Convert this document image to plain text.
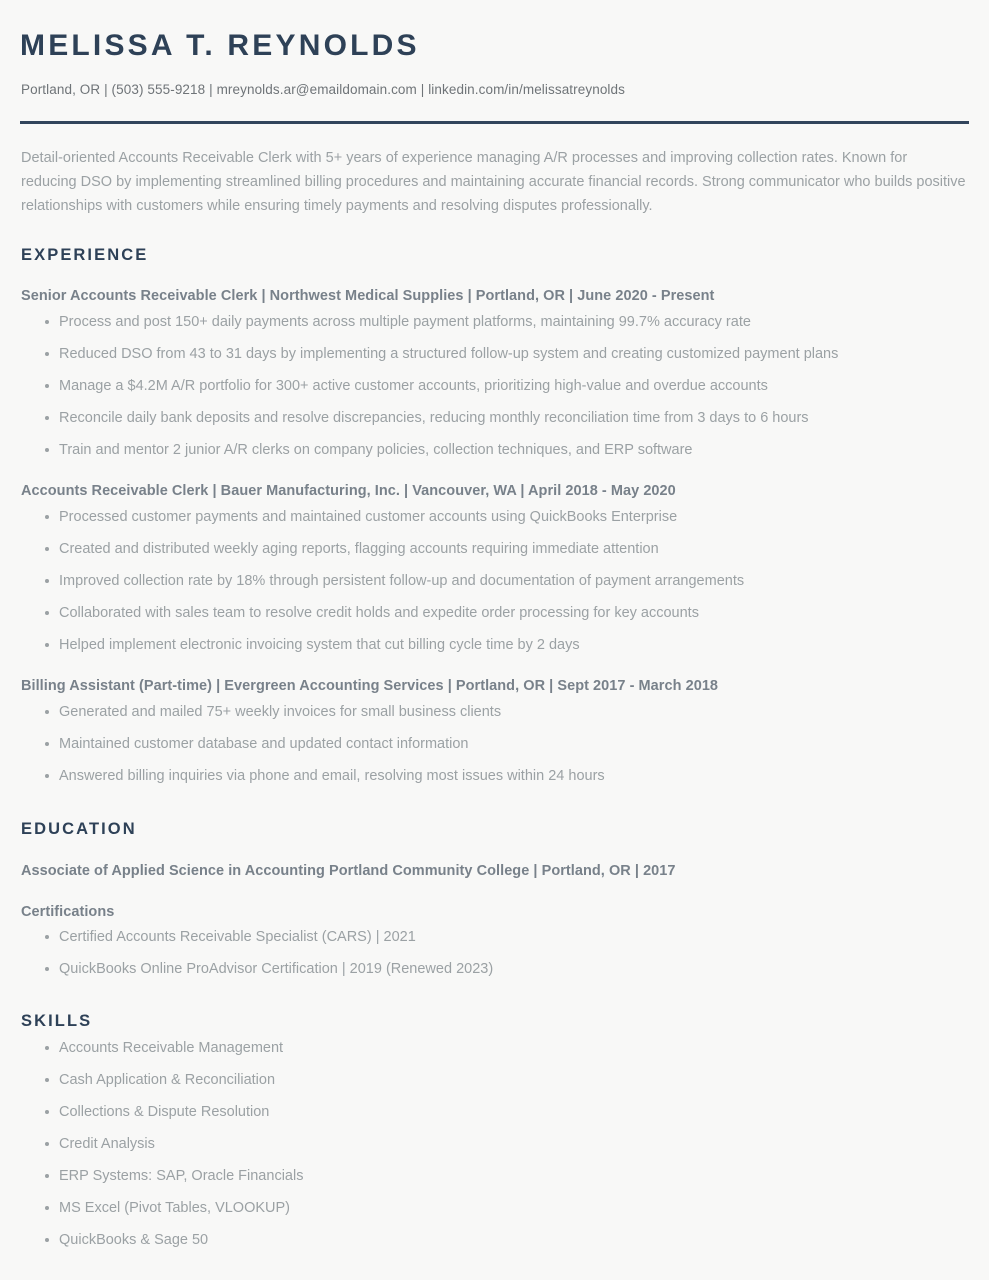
MELISSA T. REYNOLDS

Portland, OR | (503) 555-9218 | mreynolds.ar@emaildomain.com | linkedin.com/in/melissatreynolds

Detail-oriented Accounts Receivable Clerk with 5+ years of experience managing A/R processes and improving collection rates. Known for reducing DSO by implementing streamlined billing procedures and maintaining accurate financial records. Strong communicator who builds positive relationships with customers while ensuring timely payments and resolving disputes professionally.

EXPERIENCE
Senior Accounts Receivable Clerk | Northwest Medical Supplies | Portland, OR | June 2020 - Present
Process and post 150+ daily payments across multiple payment platforms, maintaining 99.7% accuracy rate
Reduced DSO from 43 to 31 days by implementing a structured follow-up system and creating customized payment plans
Manage a $4.2M A/R portfolio for 300+ active customer accounts, prioritizing high-value and overdue accounts
Reconcile daily bank deposits and resolve discrepancies, reducing monthly reconciliation time from 3 days to 6 hours
Train and mentor 2 junior A/R clerks on company policies, collection techniques, and ERP software
Accounts Receivable Clerk | Bauer Manufacturing, Inc. | Vancouver, WA | April 2018 - May 2020
Processed customer payments and maintained customer accounts using QuickBooks Enterprise
Created and distributed weekly aging reports, flagging accounts requiring immediate attention
Improved collection rate by 18% through persistent follow-up and documentation of payment arrangements
Collaborated with sales team to resolve credit holds and expedite order processing for key accounts
Helped implement electronic invoicing system that cut billing cycle time by 2 days
Billing Assistant (Part-time) | Evergreen Accounting Services | Portland, OR | Sept 2017 - March 2018
Generated and mailed 75+ weekly invoices for small business clients
Maintained customer database and updated contact information
Answered billing inquiries via phone and email, resolving most issues within 24 hours
EDUCATION
Associate of Applied Science in Accounting Portland Community College | Portland, OR | 2017
Certifications
Certified Accounts Receivable Specialist (CARS) | 2021
QuickBooks Online ProAdvisor Certification | 2019 (Renewed 2023)
SKILLS
Accounts Receivable Management
Cash Application & Reconciliation
Collections & Dispute Resolution
Credit Analysis
ERP Systems: SAP, Oracle Financials
MS Excel (Pivot Tables, VLOOKUP)
QuickBooks & Sage 50
